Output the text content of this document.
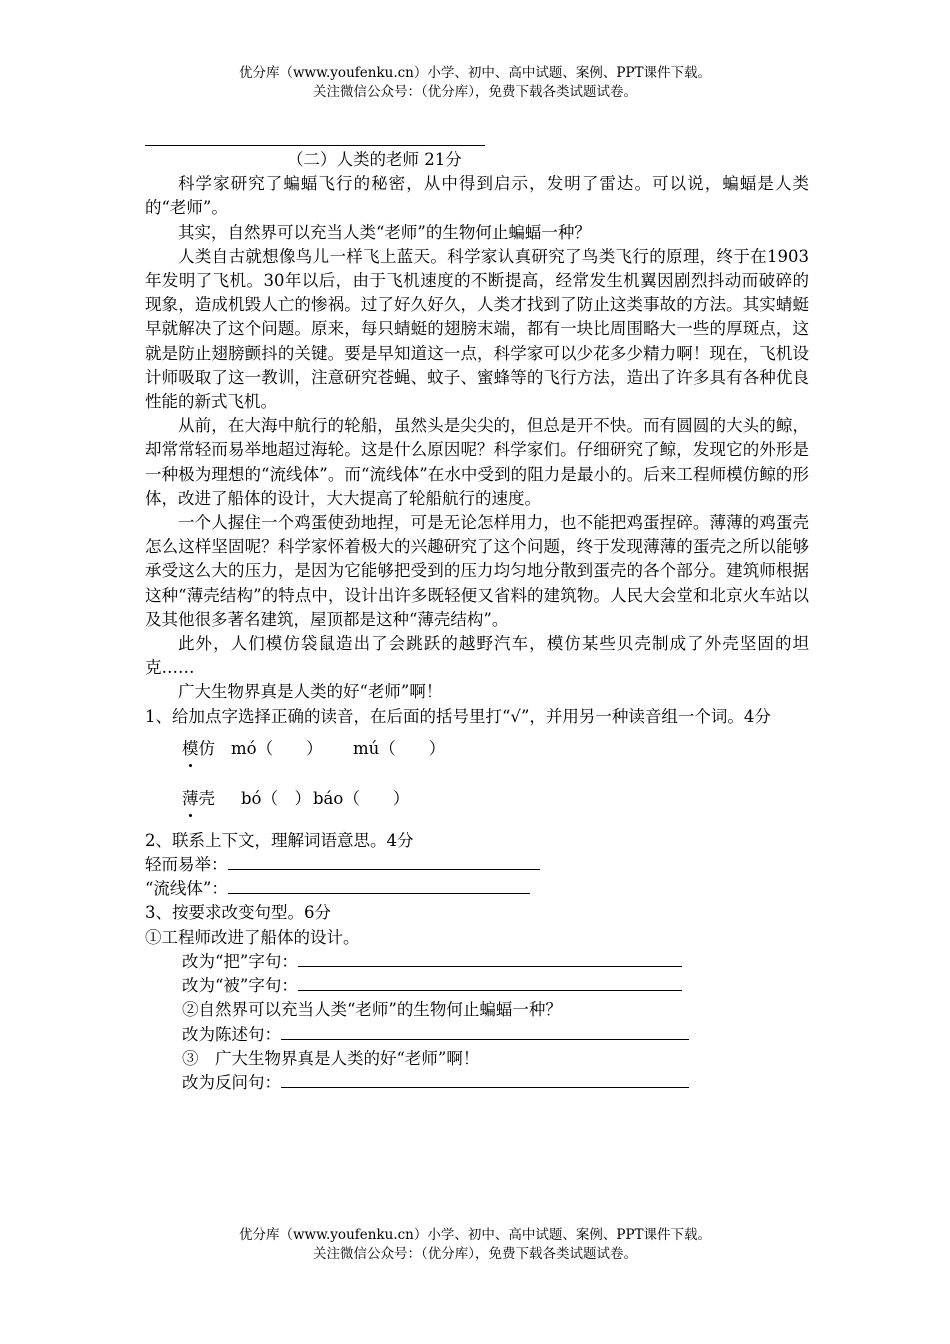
优分库（www.youfenku.cn）小学、初中、高中试题、案例、PPT课件下载。
关注微信公众号：（优分库），免费下载各类试题试卷。

（二）人类的老师 21分

科学家研究了蝙蝠飞行的秘密，从中得到启示，发明了雷达。可以说，蝙蝠是人类的“老师”。

其实，自然界可以充当人类“老师”的生物何止蝙蝠一种？

人类自古就想像鸟儿一样飞上蓝天。科学家认真研究了鸟类飞行的原理，终于在1903年发明了飞机。30年以后，由于飞机速度的不断提高，经常发生机翼因剧烈抖动而破碎的现象，造成机毁人亡的惨祸。过了好久好久，人类才找到了防止这类事故的方法。其实蜻蜓早就解决了这个问题。原来，每只蜻蜓的翅膀末端，都有一块比周围略大一些的厚斑点，这就是防止翅膀颤抖的关键。要是早知道这一点，科学家可以少花多少精力啊！现在，飞机设计师吸取了这一教训，注意研究苍蝇、蚊子、蜜蜂等的飞行方法，造出了许多具有各种优良性能的新式飞机。

从前，在大海中航行的轮船，虽然头是尖尖的，但总是开不快。而有圆圆的大头的鲸，却常常轻而易举地超过海轮。这是什么原因呢？科学家们。仔细研究了鲸，发现它的外形是一种极为理想的“流线体”。而“流线体”在水中受到的阻力是最小的。后来工程师模仿鲸的形体，改进了船体的设计，大大提高了轮船航行的速度。

一个人握住一个鸡蛋使劲地捏，可是无论怎样用力，也不能把鸡蛋捏碎。薄薄的鸡蛋壳怎么这样坚固呢？科学家怀着极大的兴趣研究了这个问题，终于发现薄薄的蛋壳之所以能够承受这么大的压力，是因为它能够把受到的压力均匀地分散到蛋壳的各个部分。建筑师根据这种“薄壳结构”的特点中，设计出许多既轻便又省料的建筑物。人民大会堂和北京火车站以及其他很多著名建筑，屋顶都是这种“薄壳结构”。

此外，人们模仿袋鼠造出了会跳跃的越野汽车，模仿某些贝壳制成了外壳坚固的坦克……

广大生物界真是人类的好“老师”啊！

1、给加点字选择正确的读音，在后面的括号里打“√”，并用另一种读音组一个词。4分

模仿 mó（　　） mú（　　）
薄壳 bó（　） báo（　　）

2、联系上下文，理解词语意思。4分

轻而易举：

“流线体”：

3、按要求改变句型。6分

①工程师改进了船体的设计。

改为“把”字句：

改为“被”字句：

②自然界可以充当人类“老师”的生物何止蝙蝠一种？

改为陈述句：

③　广大生物界真是人类的好“老师”啊！

改为反问句：

优分库（www.youfenku.cn）小学、初中、高中试题、案例、PPT课件下载。
关注微信公众号：（优分库），免费下载各类试题试卷。
